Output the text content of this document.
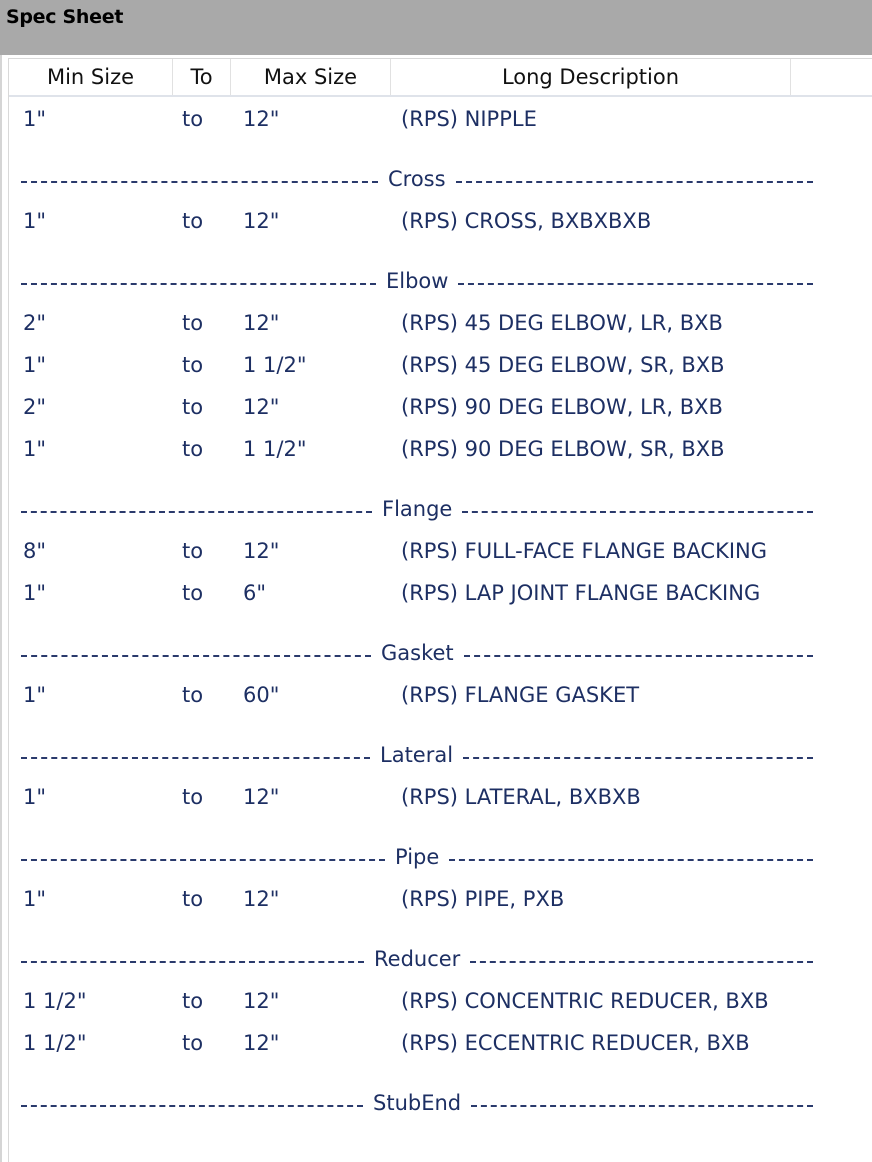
Spec Sheet
Min Size	To	Max Size	Long Description
1"	to 12"	(RPS) NIPPLE
Cross
1"	to 12"	(RPS) CROSS, BXBXBXB
Elbow
2"	to 12"	(RPS) 45 DEG ELBOW, LR, BXB
1"	to 1 1/2"	(RPS) 45 DEG ELBOW, SR, BXB
2"	to 12"	(RPS) 90 DEG ELBOW, LR, BXB
1"	to 1 1/2"	(RPS) 90 DEG ELBOW, SR, BXB
Flange
8"	to 12"	(RPS) FULL-FACE FLANGE BACKING
1"	to 6"	(RPS) LAP JOINT FLANGE BACKING
Gasket
1"	to 60"	(RPS) FLANGE GASKET
Lateral
1"	to 12"	(RPS) LATERAL, BXBXB
Pipe
1"	to 12"	(RPS) PIPE, PXB
Reducer
1 1/2"	to 12"	(RPS) CONCENTRIC REDUCER, BXB
1 1/2"	to 12"	(RPS) ECCENTRIC REDUCER, BXB
StubEnd
